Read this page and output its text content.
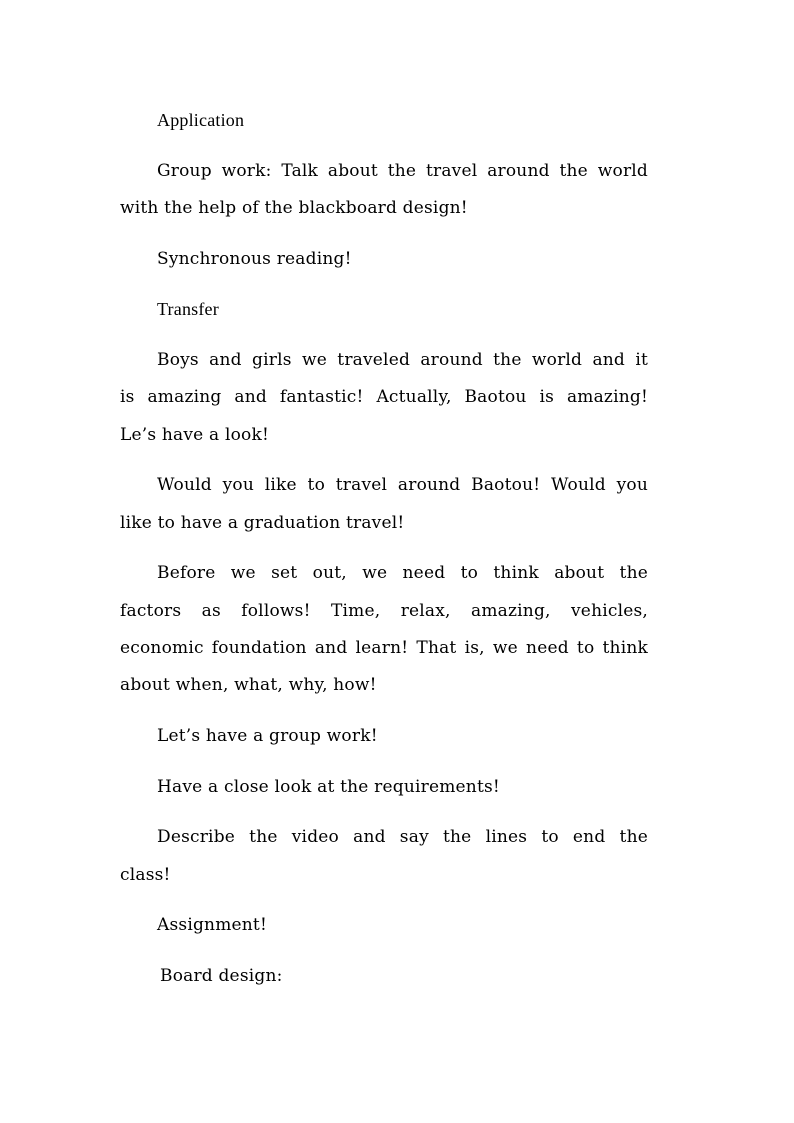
Application
Group work: Talk about the travel around the world
with the help of the blackboard design!
Synchronous reading!
Transfer
Boys and girls we traveled around the world and it
is amazing and fantastic! Actually, Baotou is amazing!
Le’s have a look!
Would you like to travel around Baotou! Would you
like to have a graduation travel!
Before we set out, we need to think about the
factors as follows! Time, relax, amazing, vehicles,
economic foundation and learn! That is, we need to think
about when, what, why, how!
Let’s have a group work!
Have a close look at the requirements!
Describe the video and say the lines to end the
class!
Assignment!
Board design:
